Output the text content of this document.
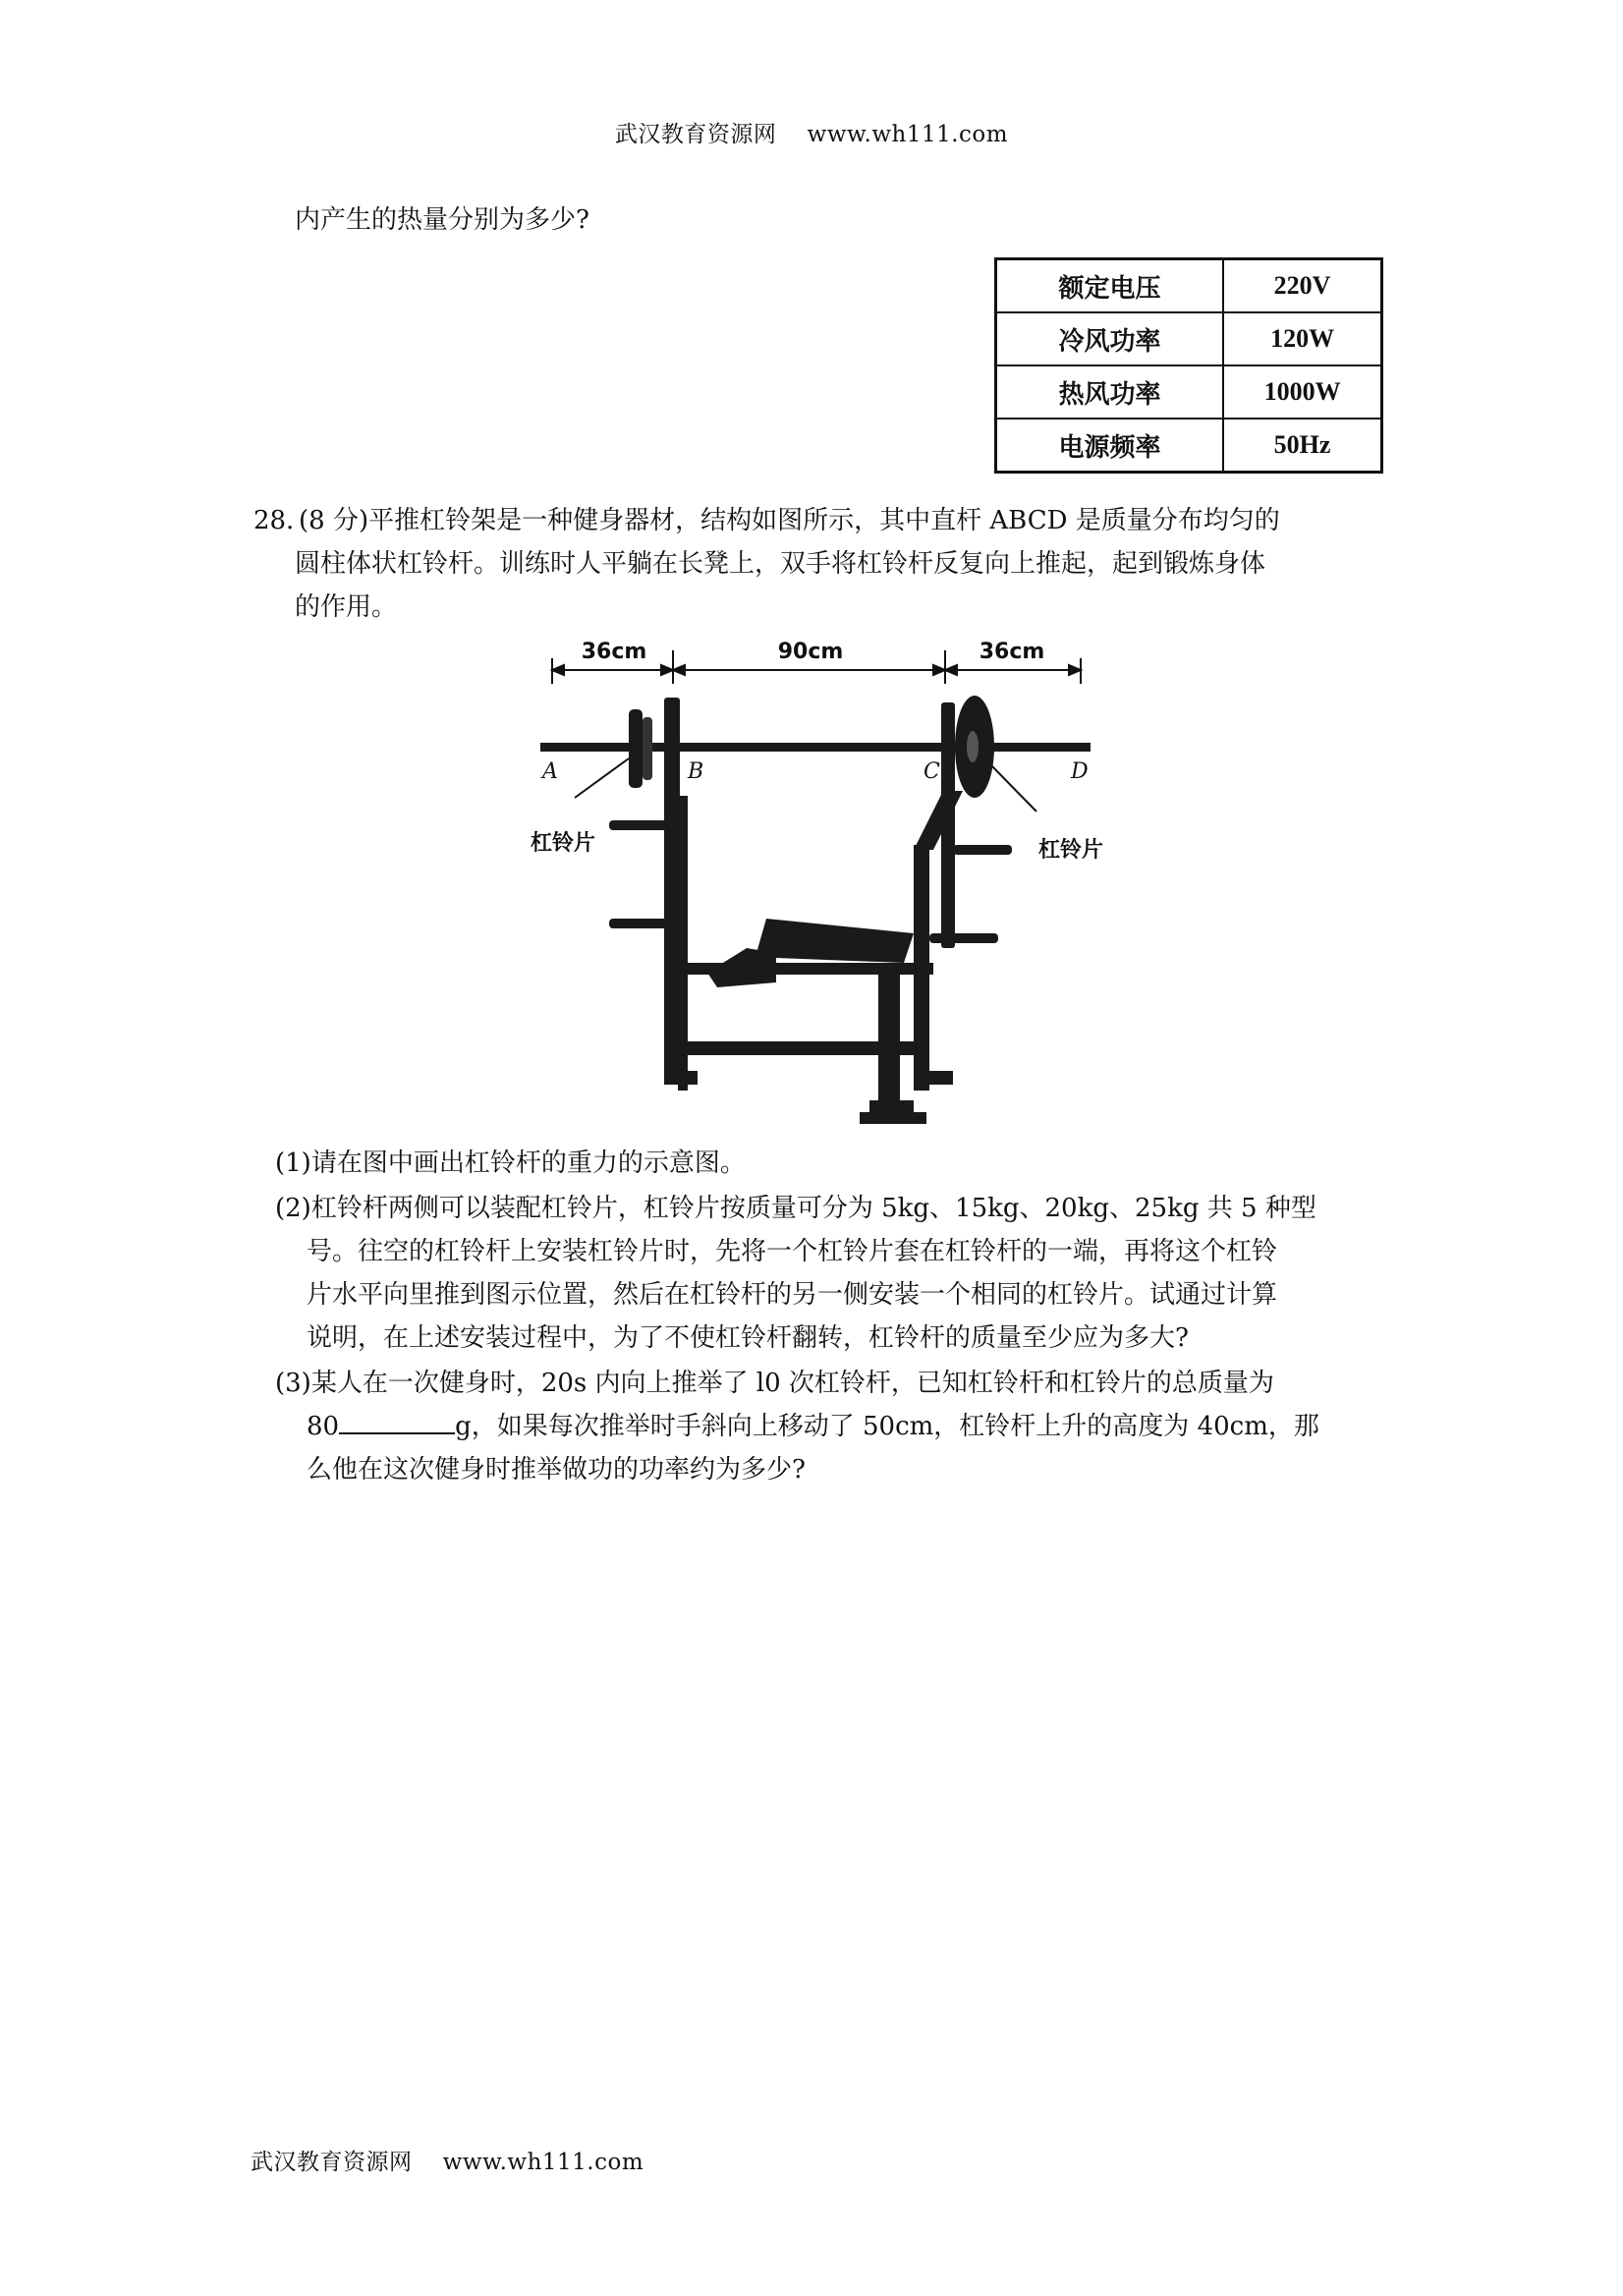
武汉教育资源网 www.wh111.com
内产生的热量分别为多少?
额定电压	220V
冷风功率	120W
热风功率	1000W
电源频率	50Hz
28．
(8 分)平推杠铃架是一种健身器材，结构如图所示，其中直杆 ABCD 是质量分布均匀的
圆柱体状杠铃杆。训练时人平躺在长凳上，双手将杠铃杆反复向上推起，起到锻炼身体
的作用。
36cm	90cm	36cm
A	B	C	D
杠铃片	杠铃片
(1)请在图中画出杠铃杆的重力的示意图。
(2)杠铃杆两侧可以装配杠铃片，杠铃片按质量可分为 5kg、15kg、20kg、25kg 共 5 种型
号。往空的杠铃杆上安装杠铃片时，先将一个杠铃片套在杠铃杆的一端，再将这个杠铃
片水平向里推到图示位置，然后在杠铃杆的另一侧安装一个相同的杠铃片。试通过计算
说明，在上述安装过程中，为了不使杠铃杆翻转，杠铃杆的质量至少应为多大?
(3)某人在一次健身时，20s 内向上推举了 l0 次杠铃杆，已知杠铃杆和杠铃片的总质量为
80	g，如果每次推举时手斜向上移动了 50cm，杠铃杆上升的高度为 40cm，那
么他在这次健身时推举做功的功率约为多少?
武汉教育资源网 www.wh111.com
